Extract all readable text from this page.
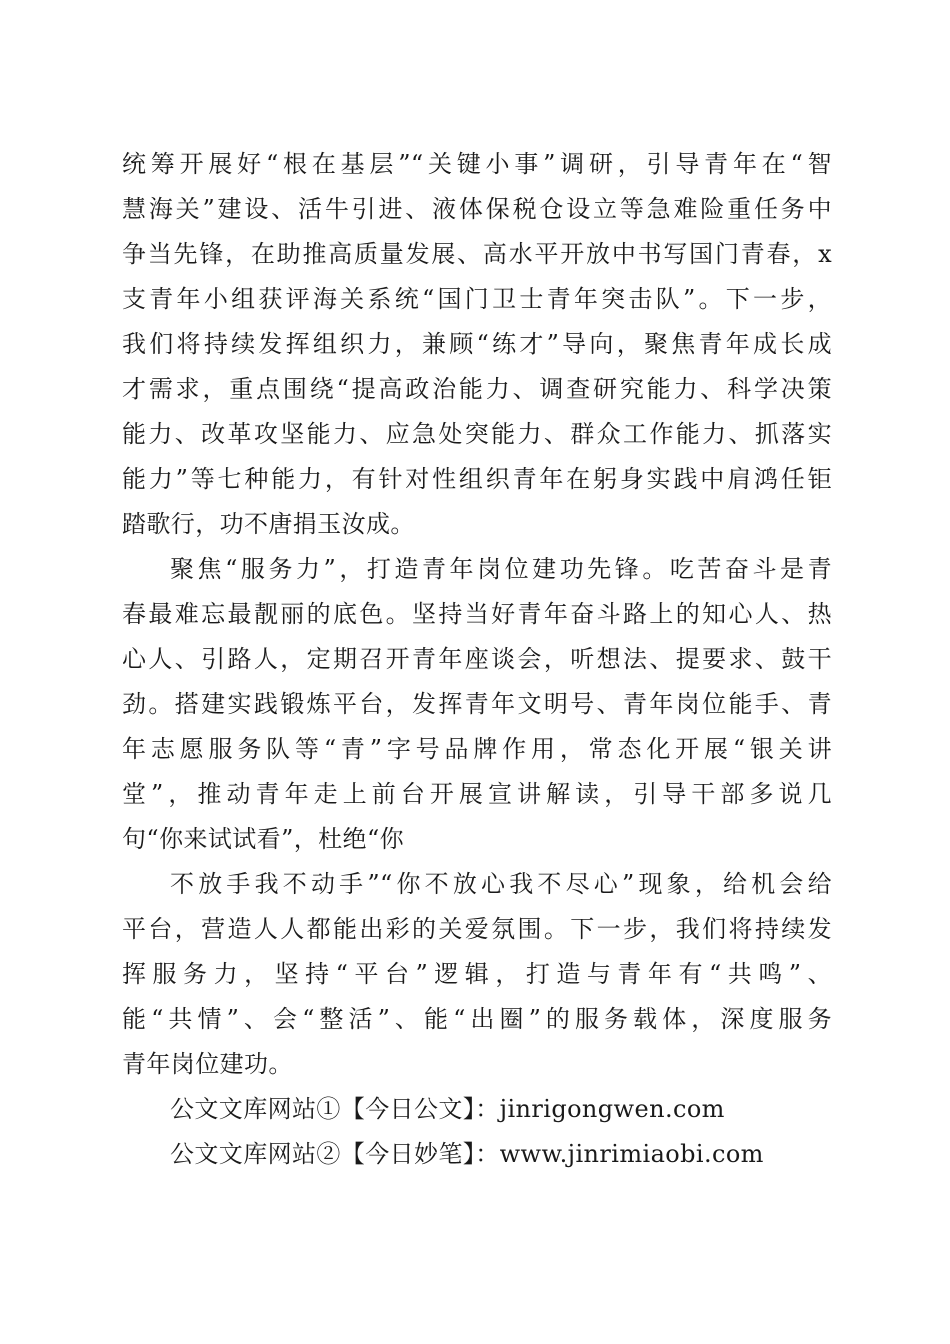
统筹开展好“根在基层”“关键小事”调研，引导青年在“智
慧海关”建设、活牛引进、液体保税仓设立等急难险重任务中
争当先锋，在助推高质量发展、高水平开放中书写国门青春，x
支青年小组获评海关系统“国门卫士青年突击队”。下一步，
我们将持续发挥组织力，兼顾“练才”导向，聚焦青年成长成
才需求，重点围绕“提高政治能力、调查研究能力、科学决策
能力、改革攻坚能力、应急处突能力、群众工作能力、抓落实
能力”等七种能力，有针对性组织青年在躬身实践中肩鸿任钜
踏歌行，功不唐捐玉汝成。
聚焦“服务力”，打造青年岗位建功先锋。吃苦奋斗是青
春最难忘最靓丽的底色。坚持当好青年奋斗路上的知心人、热
心人、引路人，定期召开青年座谈会，听想法、提要求、鼓干
劲。搭建实践锻炼平台，发挥青年文明号、青年岗位能手、青
年志愿服务队等“青”字号品牌作用，常态化开展“银关讲
堂”，推动青年走上前台开展宣讲解读，引导干部多说几
句“你来试试看”，杜绝“你
不放手我不动手”“你不放心我不尽心”现象，给机会给
平台，营造人人都能出彩的关爱氛围。下一步，我们将持续发
挥服务力，坚持“平台”逻辑，打造与青年有“共鸣”、
能“共情”、会“整活”、能“出圈”的服务载体，深度服务
青年岗位建功。
公文文库网站①【今日公文】：jinrigongwen.com
公文文库网站②【今日妙笔】：www.jinrimiaobi.com
